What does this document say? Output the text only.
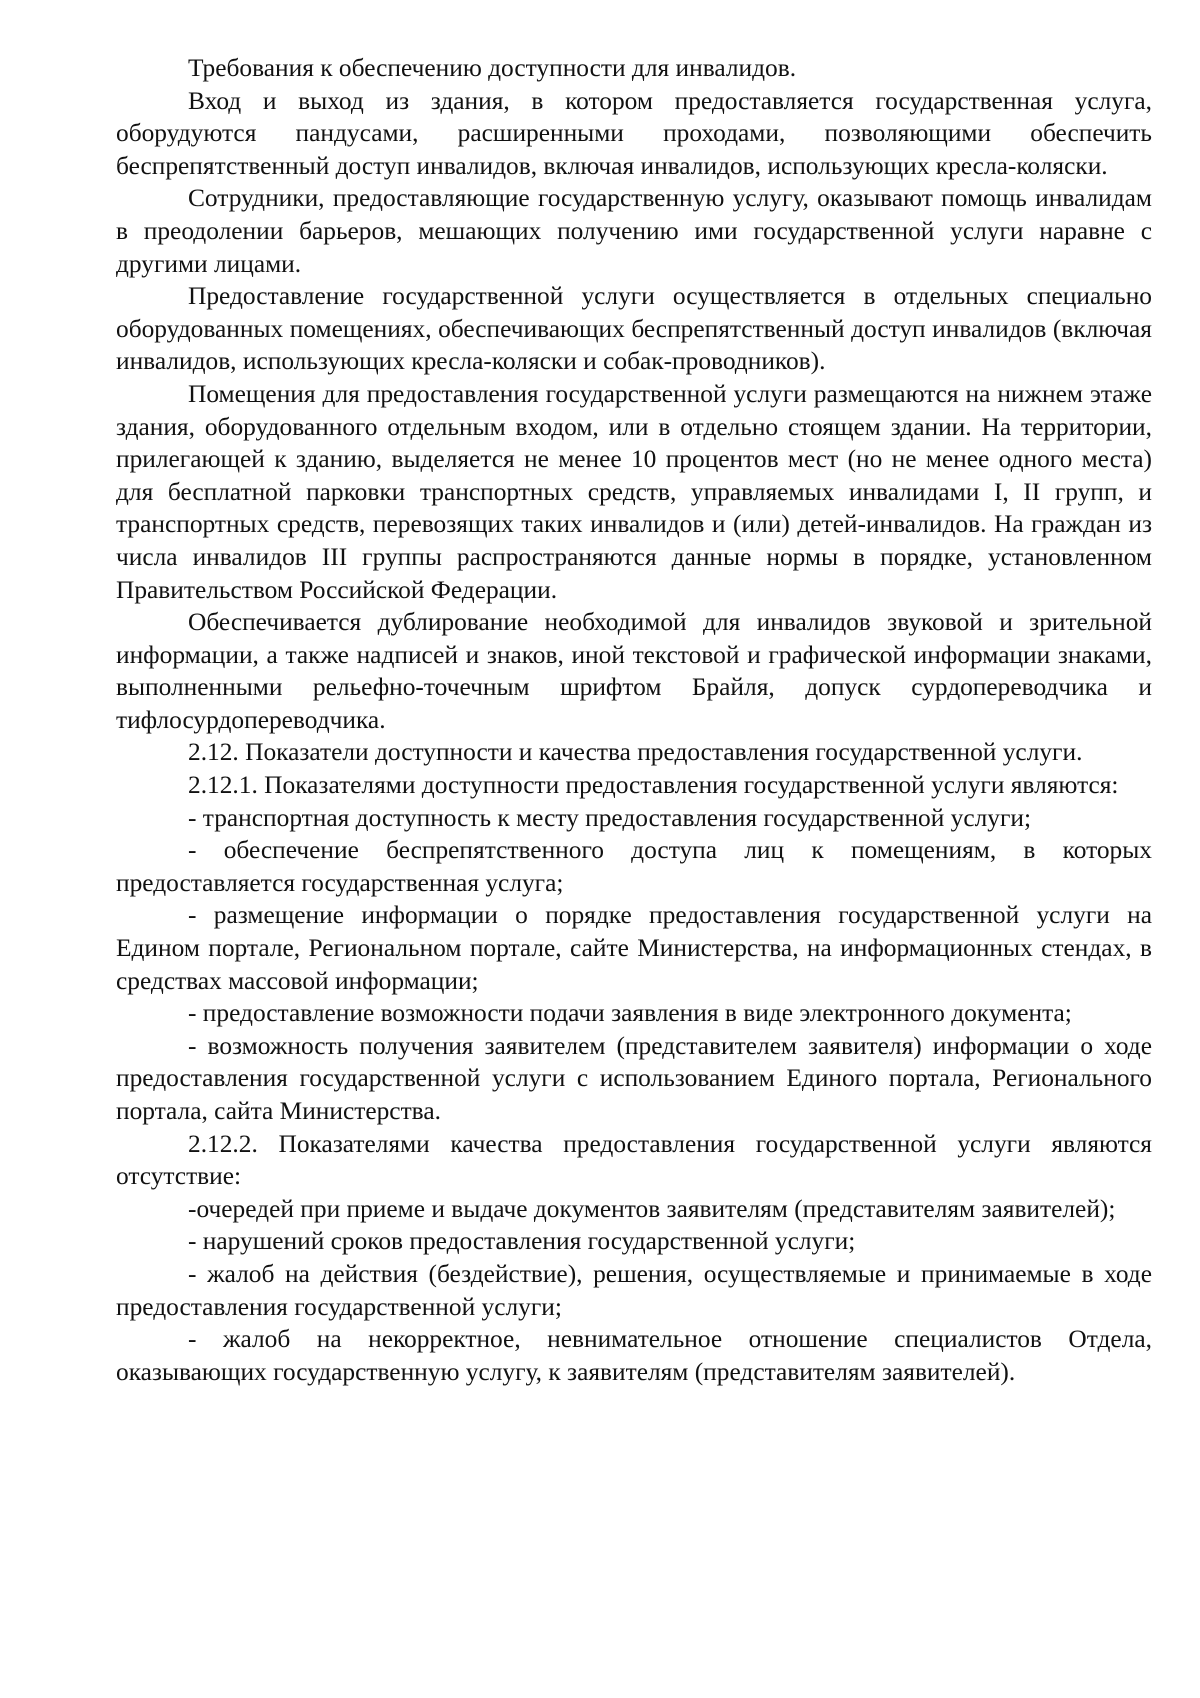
Требования к обеспечению доступности для инвалидов.

Вход и выход из здания, в котором предоставляется государственная услуга, оборудуются пандусами, расширенными проходами, позволяющими обеспечить беспрепятственный доступ инвалидов, включая инвалидов, использующих кресла-коляски.

Сотрудники, предоставляющие государственную услугу, оказывают помощь инвалидам в преодолении барьеров, мешающих получению ими государственной услуги наравне с другими лицами.

Предоставление государственной услуги осуществляется в отдельных специально оборудованных помещениях, обеспечивающих беспрепятственный доступ инвалидов (включая инвалидов, использующих кресла-коляски и собак-проводников).

Помещения для предоставления государственной услуги размещаются на нижнем этаже здания, оборудованного отдельным входом, или в отдельно стоящем здании. На территории, прилегающей к зданию, выделяется не менее 10 процентов мест (но не менее одного места) для бесплатной парковки транспортных средств, управляемых инвалидами I, II групп, и транспортных средств, перевозящих таких инвалидов и (или) детей-инвалидов. На граждан из числа инвалидов III группы распространяются данные нормы в порядке, установленном Правительством Российской Федерации.

Обеспечивается дублирование необходимой для инвалидов звуковой и зрительной информации, а также надписей и знаков, иной текстовой и графической информации знаками, выполненными рельефно-точечным шрифтом Брайля, допуск сурдопереводчика и тифлосурдопереводчика.

2.12. Показатели доступности и качества предоставления государственной услуги.

2.12.1. Показателями доступности предоставления государственной услуги являются:

- транспортная доступность к месту предоставления государственной услуги;

- обеспечение беспрепятственного доступа лиц к помещениям, в которых предоставляется государственная услуга;

- размещение информации о порядке предоставления государственной услуги на Едином портале, Региональном портале, сайте Министерства, на информационных стендах, в средствах массовой информации;

- предоставление возможности подачи заявления в виде электронного документа;

- возможность получения заявителем (представителем заявителя) информации о ходе предоставления государственной услуги с использованием Единого портала, Регионального портала, сайта Министерства.

2.12.2. Показателями качества предоставления государственной услуги являются отсутствие:

-очередей при приеме и выдаче документов заявителям (представителям заявителей);

- нарушений сроков предоставления государственной услуги;

- жалоб на действия (бездействие), решения, осуществляемые и принимаемые в ходе предоставления государственной услуги;

- жалоб на некорректное, невнимательное отношение специалистов Отдела, оказывающих государственную услугу, к заявителям (представителям заявителей).
